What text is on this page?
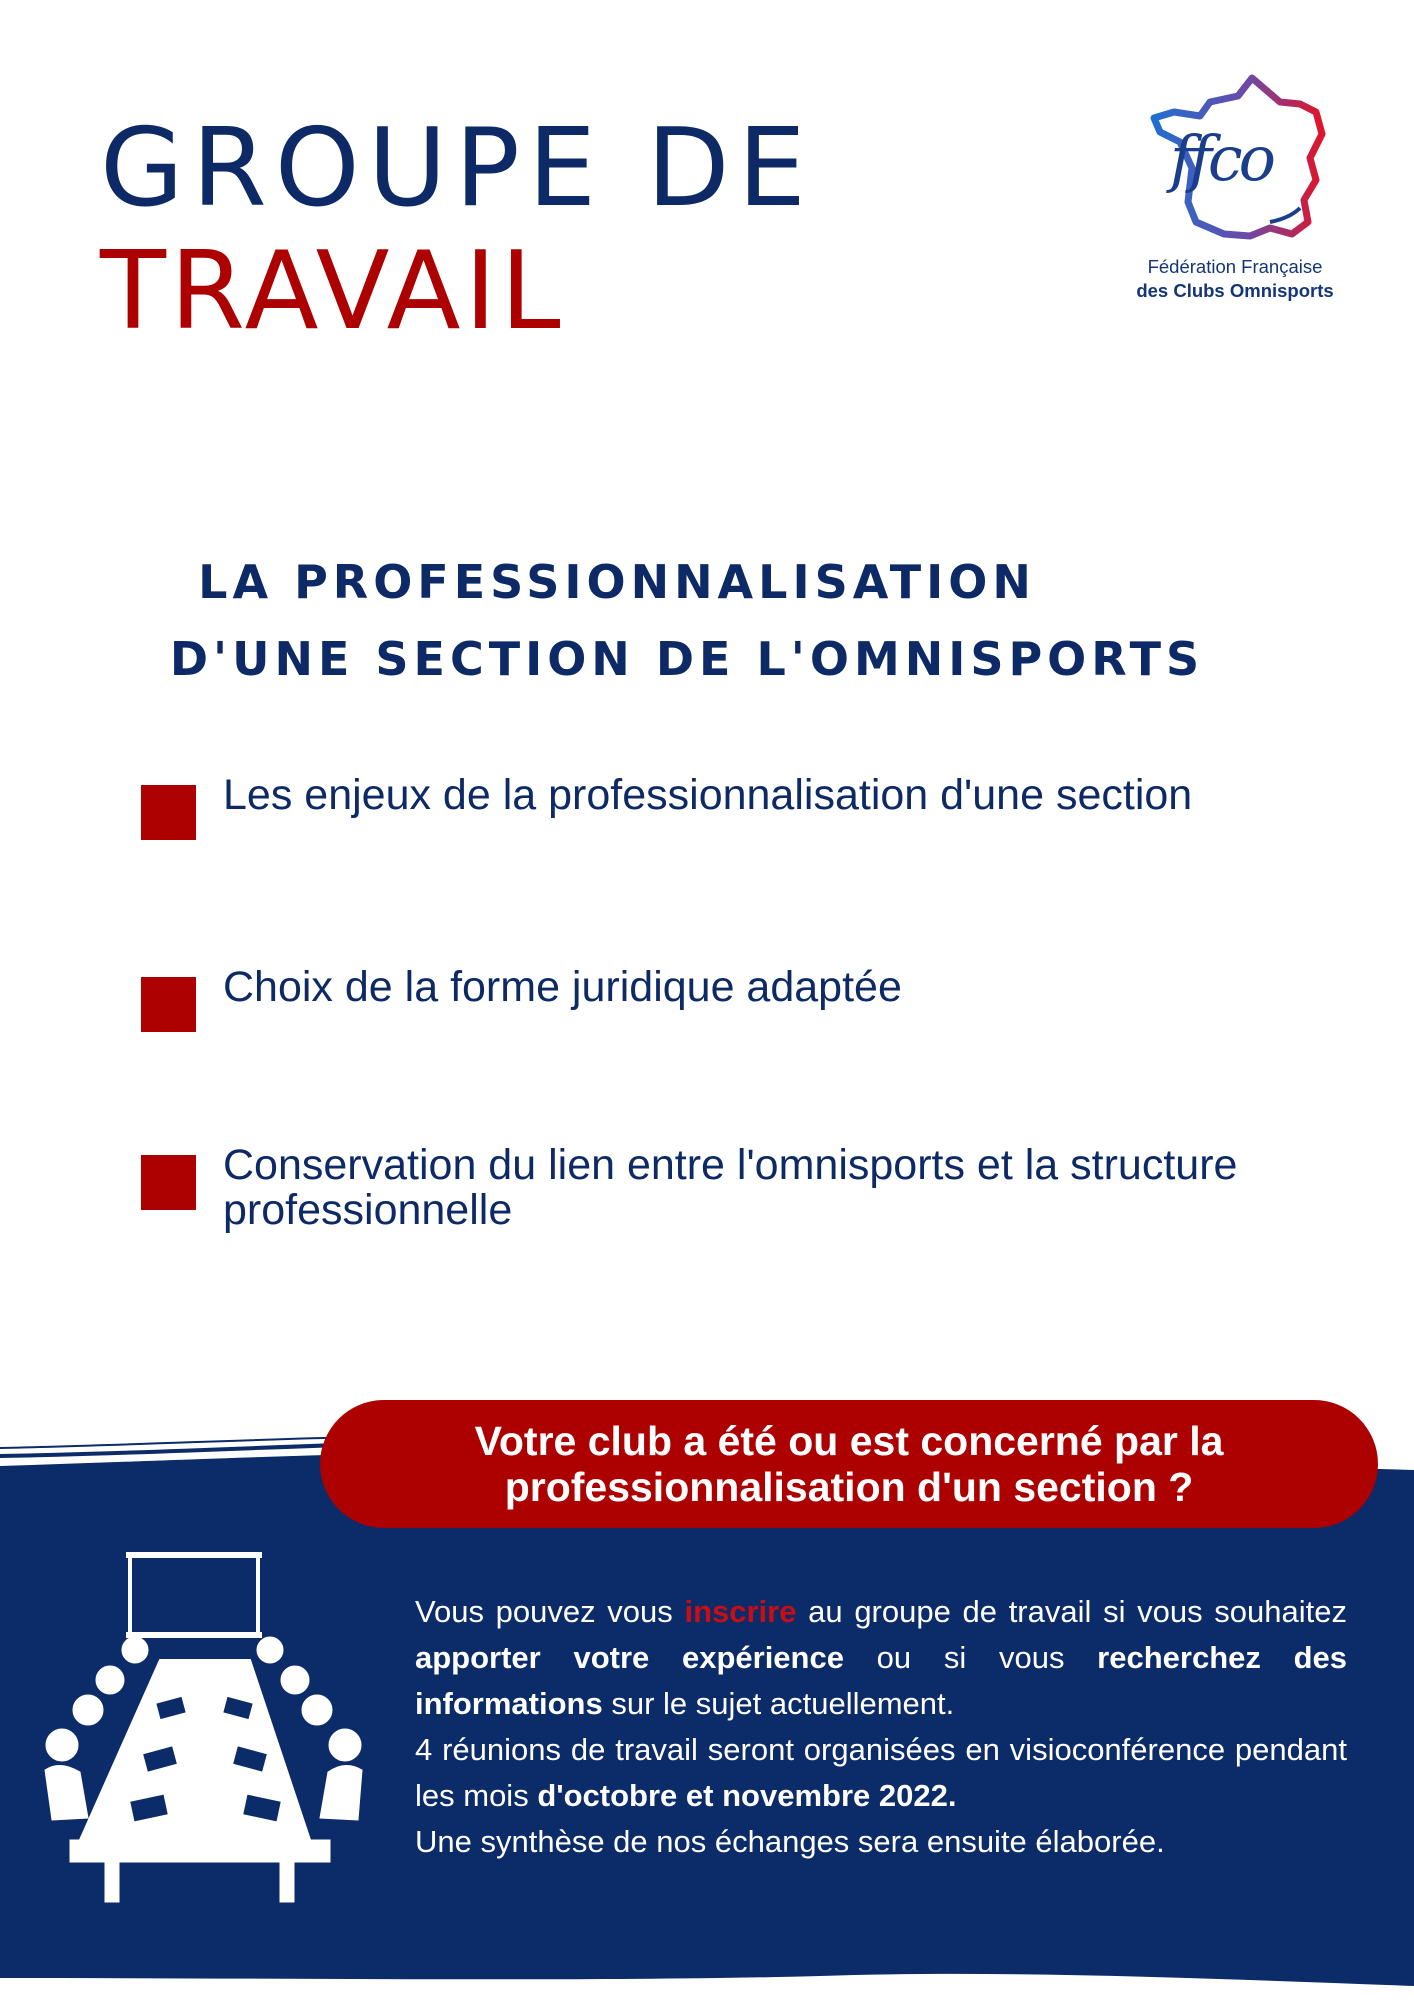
GROUPE DE
TRAVAIL
ffco
Fédération Française
des Clubs Omnisports
LA PROFESSIONNALISATION
D'UNE SECTION DE L'OMNISPORTS
Les enjeux de la professionnalisation d'une section
Choix de la forme juridique adaptée
Conservation du lien entre l'omnisports et la structure professionnelle
Votre club a été ou est concerné par la
professionnalisation d'un section ?

Vous pouvez vous inscrire au groupe de travail si vous souhaitez apporter votre expérience ou si vous recherchez des informations sur le sujet actuellement.

4 réunions de travail seront organisées en visioconférence pendant les mois d'octobre et novembre 2022.

Une synthèse de nos échanges sera ensuite élaborée.
